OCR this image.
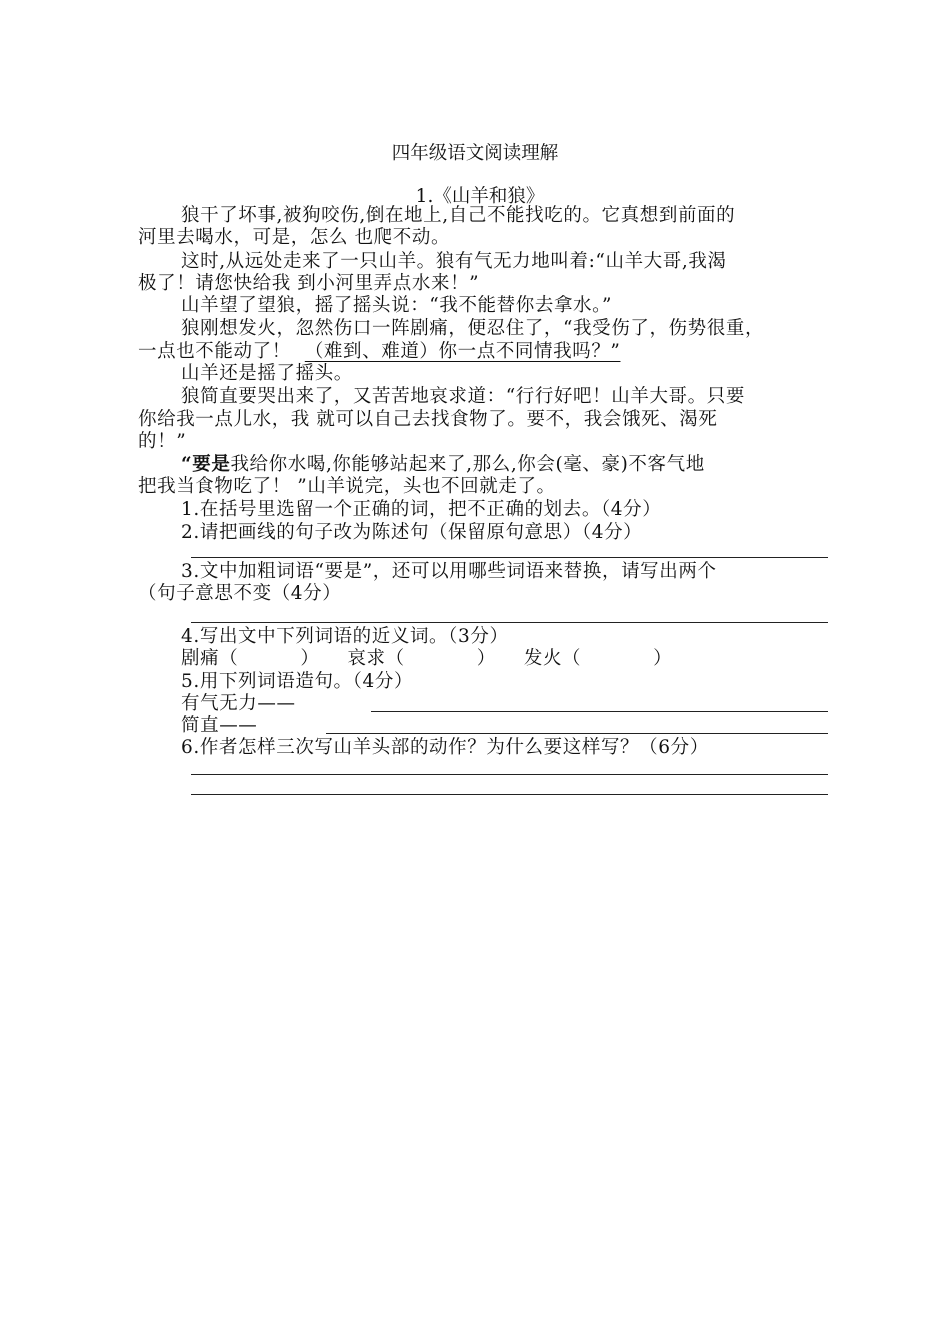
四年级语文阅读理解
1.《山羊和狼》
狼干了坏事,被狗咬伤,倒在地上,自己不能找吃的。它真想到前面的
河里去喝水，可是，怎么 也爬不动。
这时,从远处走来了一只山羊。狼有气无力地叫着:“山羊大哥,我渴
极了！请您快给我 到小河里弄点水来！”
山羊望了望狼，摇了摇头说：“我不能替你去拿水。”
狼刚想发火，忽然伤口一阵剧痛，便忍住了，“我受伤了，伤势很重，
一点也不能动了！ （难到、难道）你一点不同情我吗？”
山羊还是摇了摇头。
狼简直要哭出来了，又苦苦地哀求道：“行行好吧！山羊大哥。只要
你给我一点儿水，我 就可以自己去找食物了。要不，我会饿死、渴死
的！”
“要是我给你水喝,你能够站起来了,那么,你会(毫、豪)不客气地
把我当食物吃了！ ”山羊说完，头也不回就走了。
1.在括号里选留一个正确的词，把不正确的划去。（4分）
2.请把画线的句子改为陈述句（保留原句意思）（4分）
3.文中加粗词语“要是”，还可以用哪些词语来替换，请写出两个
（句子意思不变（4分）
4.写出文中下列词语的近义词。（3分）
剧痛（	） 哀求（	） 发火（	）
5.用下列词语造句。（4分）
有气无力——
简直——
6.作者怎样三次写山羊头部的动作？为什么要这样写？（6分）
